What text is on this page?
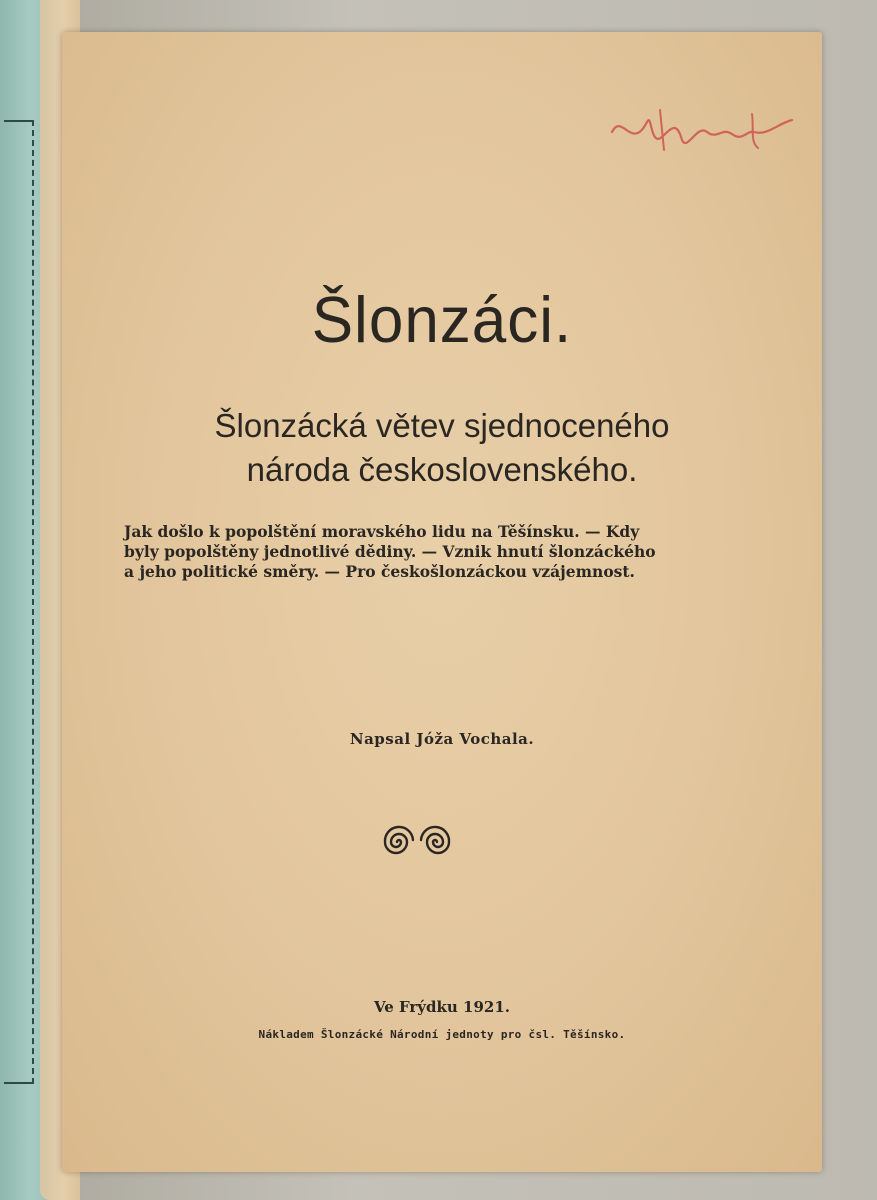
Šlonzáci.
Šlonzácká větev sjednoceného
národa československého.

Jak došlo k popolštění moravského lidu na Těšínsku. — Kdy
byly popolštěny jednotlivé dědiny. — Vznik hnutí šlonzáckého
a jeho politické směry. — Pro českošlonzáckou vzájemnost.

Napsal Jóža Vochala.
Ve Frýdku 1921.
Nákladem Šlonzácké Národní jednoty pro čsl. Těšínsko.
